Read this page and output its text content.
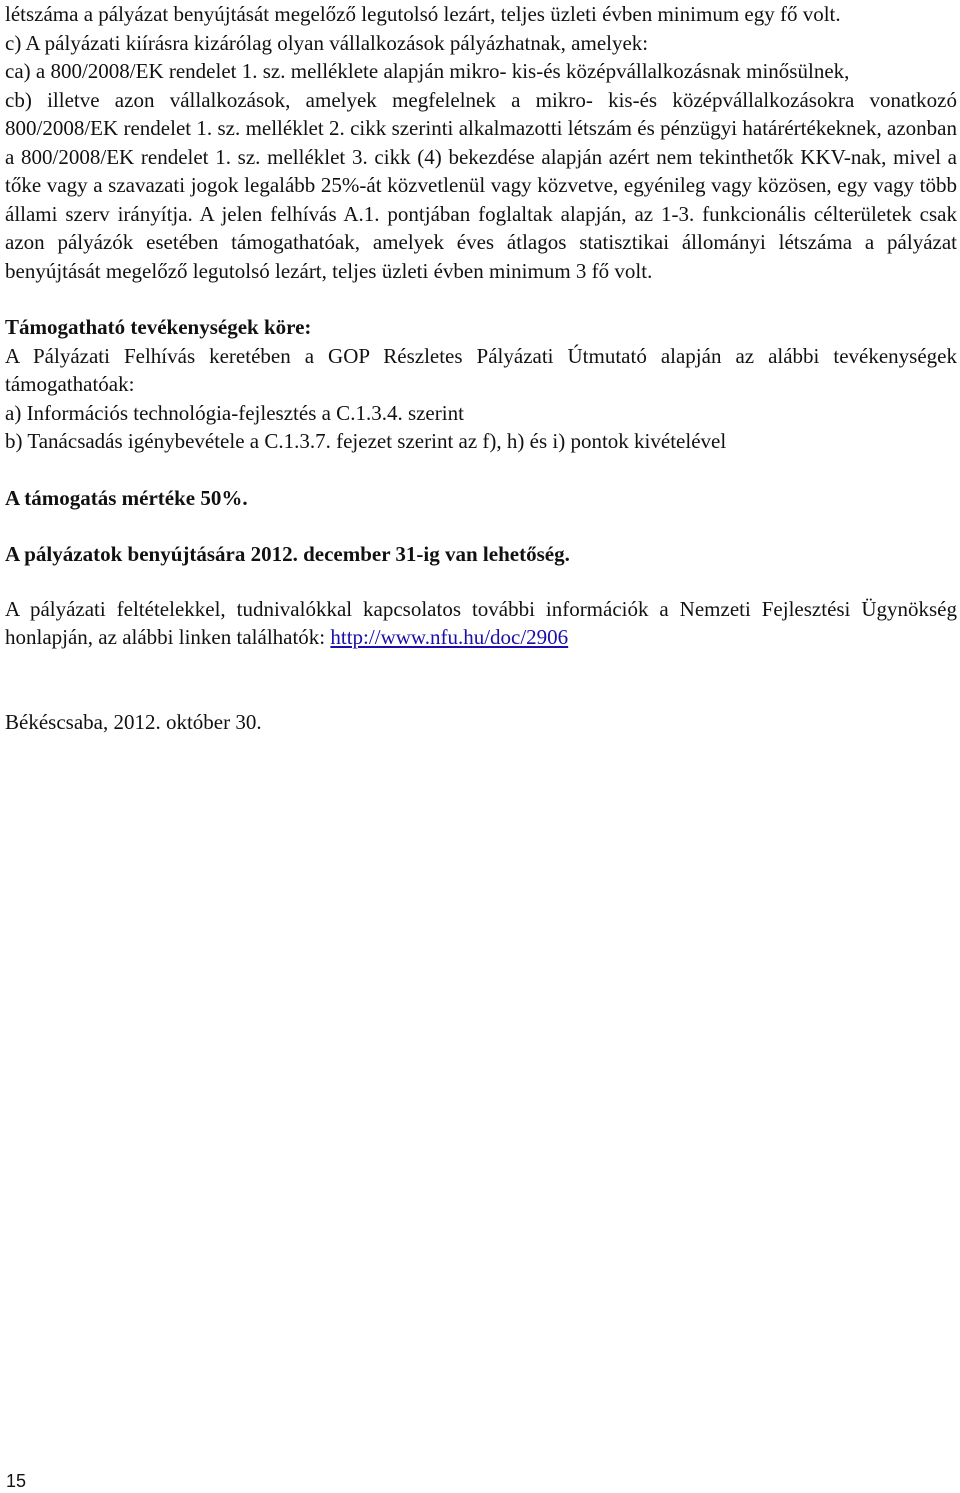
létszáma a pályázat benyújtását megelőző legutolsó lezárt, teljes üzleti évben minimum egy fő volt.

c) A pályázati kiírásra kizárólag olyan vállalkozások pályázhatnak, amelyek:

ca) a 800/2008/EK rendelet 1. sz. melléklete alapján mikro- kis-és középvállalkozásnak minősülnek,

cb) illetve azon vállalkozások, amelyek megfelelnek a mikro- kis-és középvállalkozásokra vonatkozó 800/2008/EK rendelet 1. sz. melléklet 2. cikk szerinti alkalmazotti létszám és pénzügyi határértékeknek, azonban a 800/2008/EK rendelet 1. sz. melléklet 3. cikk (4) bekezdése alapján azért nem tekinthetők KKV-nak, mivel a tőke vagy a szavazati jogok legalább 25%-át közvetlenül vagy közvetve, egyénileg vagy közösen, egy vagy több állami szerv irányítja. A jelen felhívás A.1. pontjában foglaltak alapján, az 1-3. funkcionális célterületek csak azon pályázók esetében támogathatóak, amelyek éves átlagos statisztikai állományi létszáma a pályázat benyújtását megelőző legutolsó lezárt, teljes üzleti évben minimum 3 fő volt.

Támogatható tevékenységek köre:

A Pályázati Felhívás keretében a GOP Részletes Pályázati Útmutató alapján az alábbi tevékenységek támogathatóak:

a) Információs technológia-fejlesztés a C.1.3.4. szerint

b) Tanácsadás igénybevétele a C.1.3.7. fejezet szerint az f), h) és i) pontok kivételével

A támogatás mértéke 50%.

A pályázatok benyújtására 2012. december 31-ig van lehetőség.

A pályázati feltételekkel, tudnivalókkal kapcsolatos további információk a Nemzeti Fejlesztési Ügynökség honlapján, az alábbi linken találhatók: http://www.nfu.hu/doc/2906

Békéscsaba, 2012. október 30.

15
